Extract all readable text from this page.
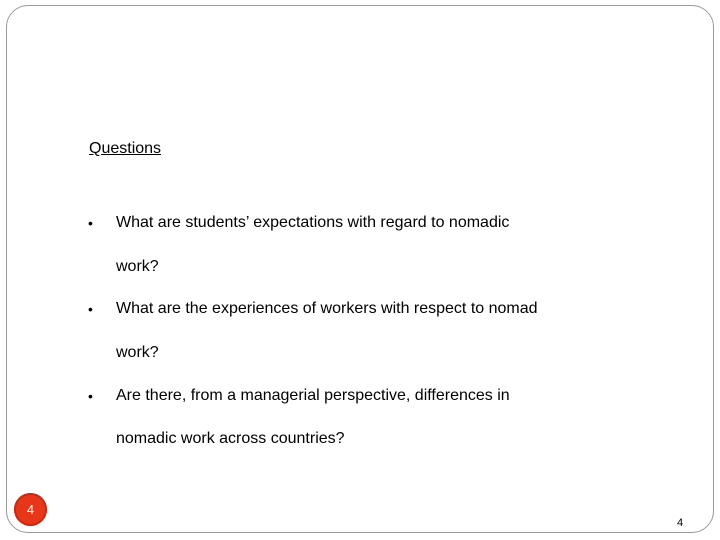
Questions
• What are students’ expectations with regard to nomadic
work?
• What are the experiences of workers with respect to nomad
work?
• Are there, from a managerial perspective, differences in
nomadic work across countries?
4
4
